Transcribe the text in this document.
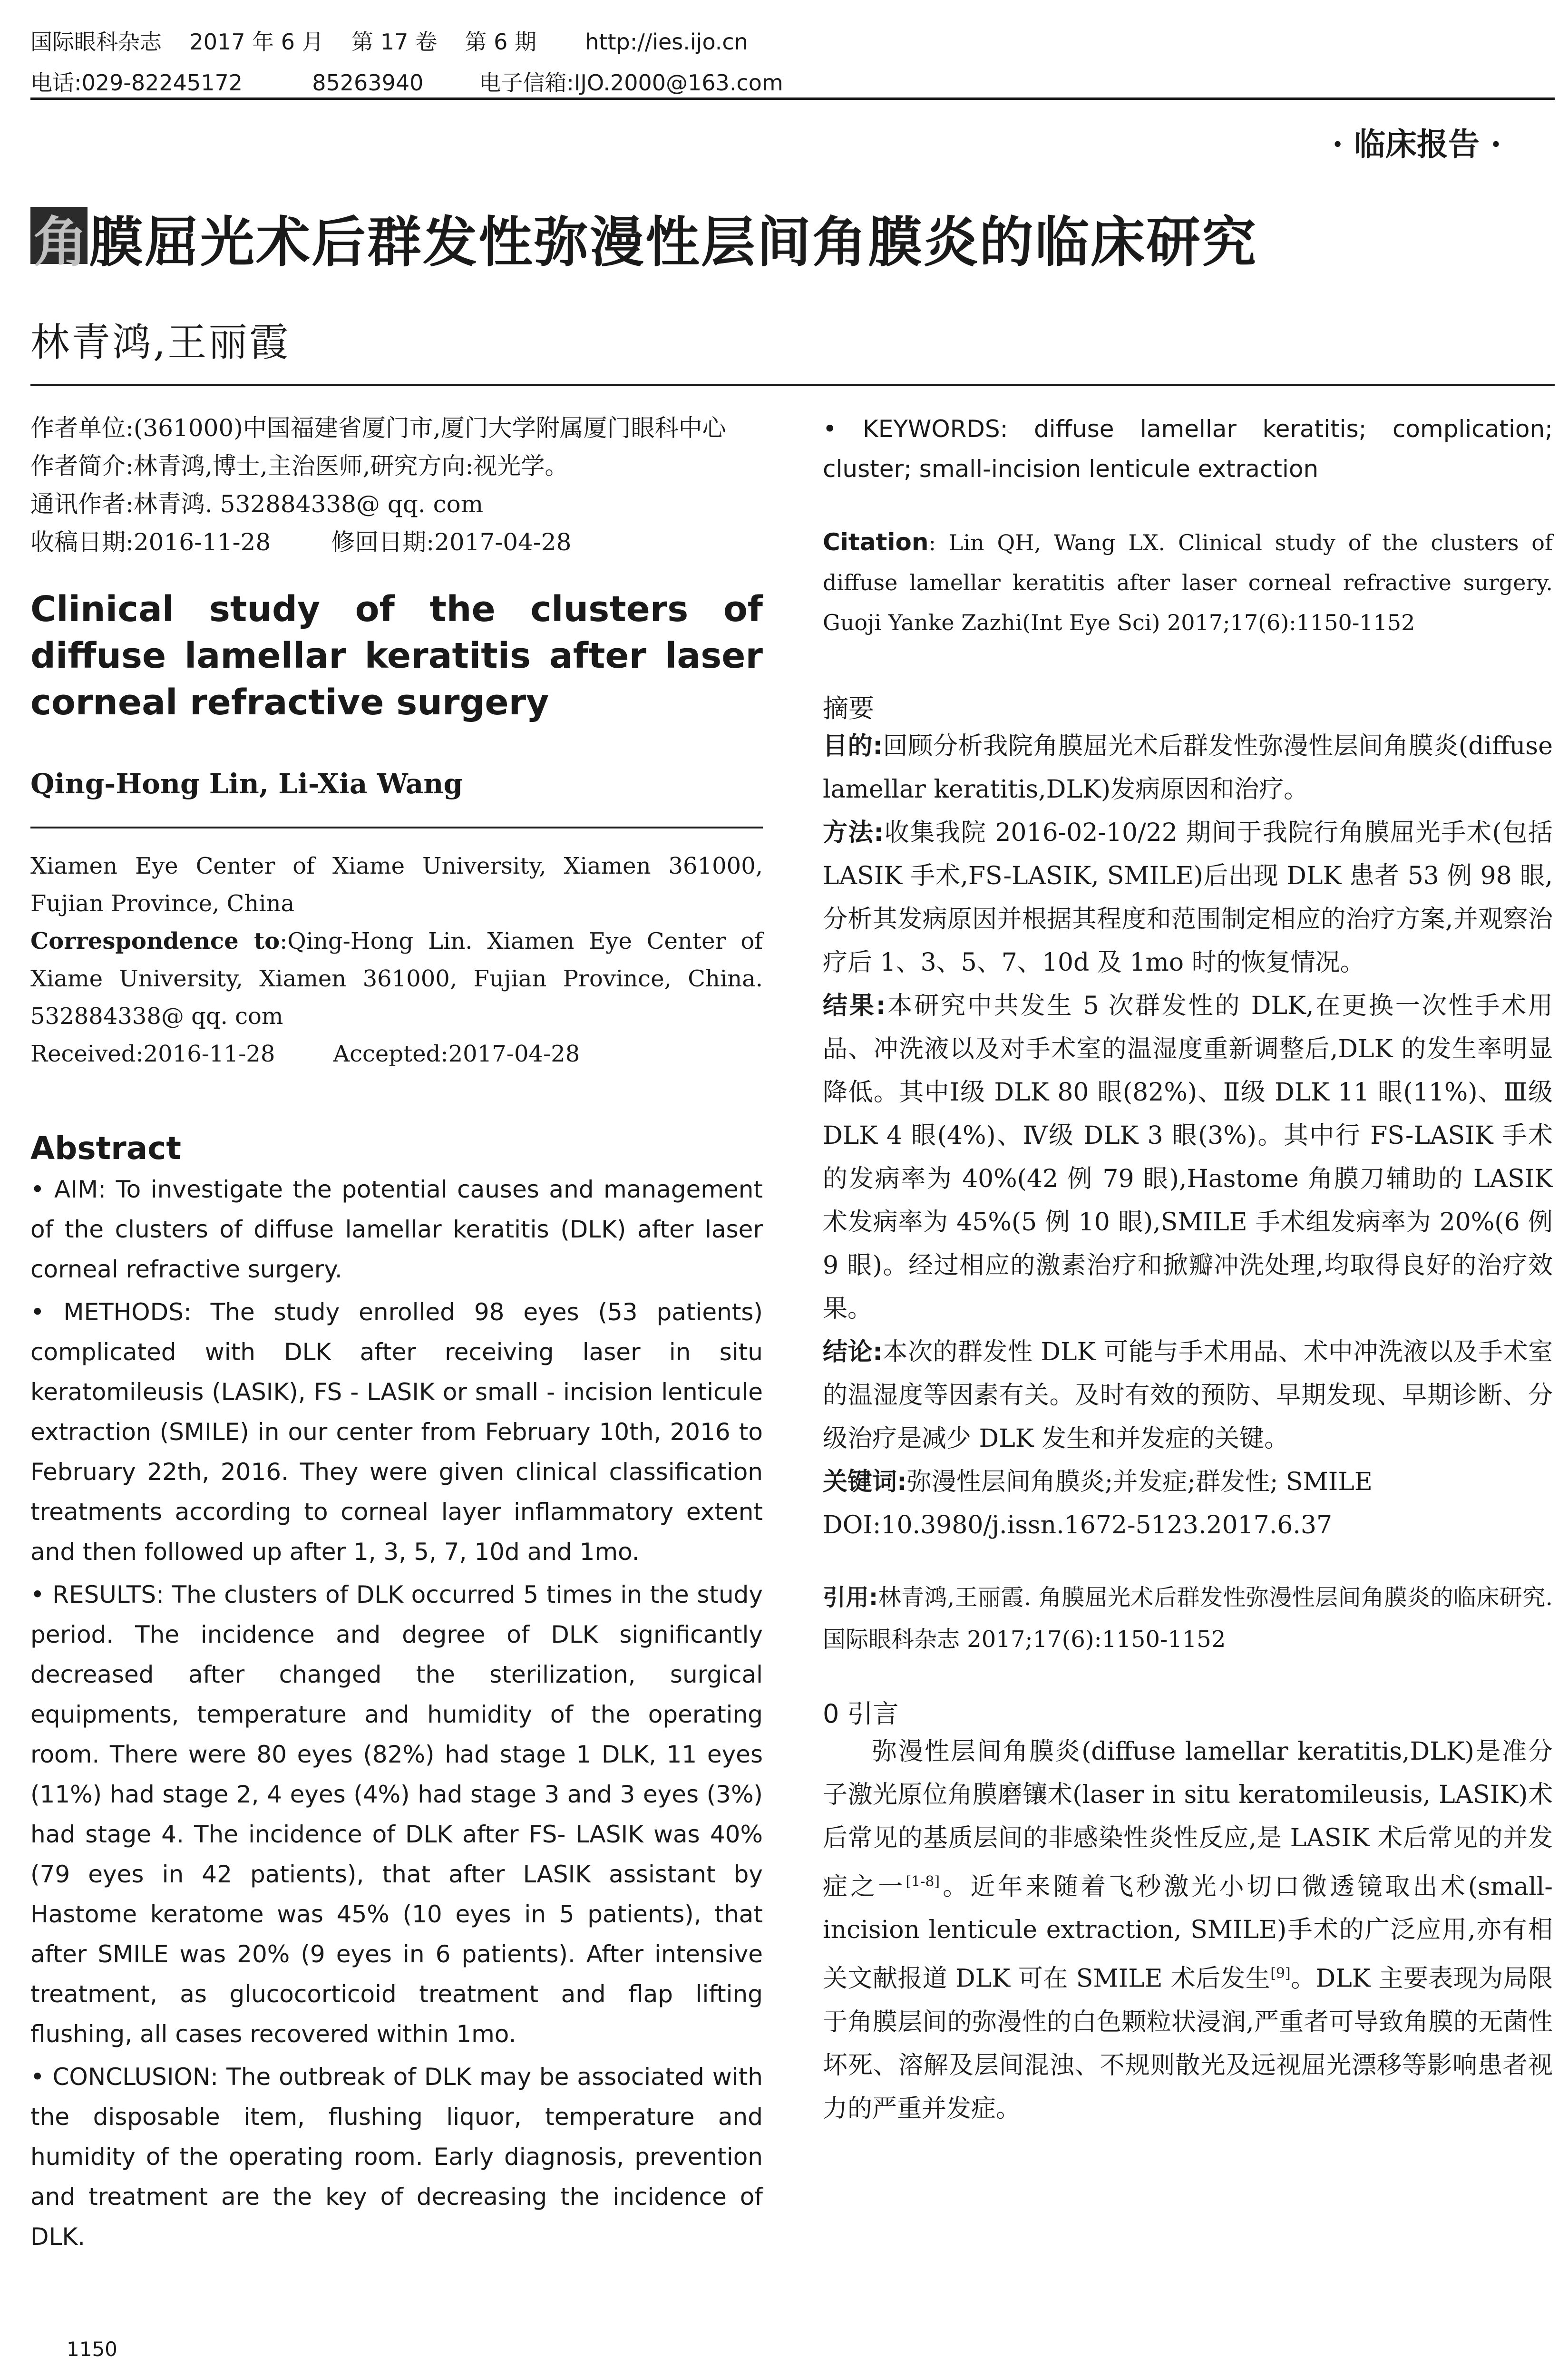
国际眼科杂志    2017 年 6 月    第 17 卷    第 6 期       http://ies.ijo.cn
电话:029-82245172          85263940        电子信箱:IJO.2000@163.com
· 临床报告 ·
角膜屈光术后群发性弥漫性层间角膜炎的临床研究
林青鸿,王丽霞
作者单位:(361000)中国福建省厦门市,厦门大学附属厦门眼科中心
作者简介:林青鸿,博士,主治医师,研究方向:视光学。
通讯作者:林青鸿. 532884338@ qq. com
收稿日期:2016-11-28        修回日期:2017-04-28
Clinical study of the clusters of diffuse lamellar keratitis after laser corneal refractive surgery
Qing-Hong Lin, Li-Xia Wang
Xiamen Eye Center of Xiame University, Xiamen 361000, Fujian Province, China
Correspondence to:Qing-Hong Lin. Xiamen Eye Center of Xiame University, Xiamen 361000, Fujian Province, China. 532884338@ qq. com
Received:2016-11-28        Accepted:2017-04-28
Abstract
• AIM: To investigate the potential causes and management of the clusters of diffuse lamellar keratitis (DLK) after laser corneal refractive surgery.
• METHODS: The study enrolled 98 eyes (53 patients) complicated with DLK after receiving laser in situ keratomileusis (LASIK), FS - LASIK or small - incision lenticule extraction (SMILE) in our center from February 10th, 2016 to February 22th, 2016. They were given clinical classification treatments according to corneal layer inflammatory extent and then followed up after 1, 3, 5, 7, 10d and 1mo.
• RESULTS: The clusters of DLK occurred 5 times in the study period. The incidence and degree of DLK significantly decreased after changed the sterilization, surgical equipments, temperature and humidity of the operating room. There were 80 eyes (82%) had stage 1 DLK, 11 eyes (11%) had stage 2, 4 eyes (4%) had stage 3 and 3 eyes (3%) had stage 4. The incidence of DLK after FS- LASIK was 40% (79 eyes in 42 patients), that after LASIK assistant by Hastome keratome was 45% (10 eyes in 5 patients), that after SMILE was 20% (9 eyes in 6 patients). After intensive treatment, as glucocorticoid treatment and flap lifting flushing, all cases recovered within 1mo.
• CONCLUSION: The outbreak of DLK may be associated with the disposable item, flushing liquor, temperature and humidity of the operating room. Early diagnosis, prevention and treatment are the key of decreasing the incidence of DLK.
• KEYWORDS: diffuse lamellar keratitis; complication; cluster; small-incision lenticule extraction
Citation: Lin QH, Wang LX. Clinical study of the clusters of diffuse lamellar keratitis after laser corneal refractive surgery. Guoji Yanke Zazhi(Int Eye Sci) 2017;17(6):1150-1152
摘要
目的:回顾分析我院角膜屈光术后群发性弥漫性层间角膜炎(diffuse lamellar keratitis,DLK)发病原因和治疗。
方法:收集我院 2016-02-10/22 期间于我院行角膜屈光手术(包括 LASIK 手术,FS-LASIK, SMILE)后出现 DLK 患者 53 例 98 眼,分析其发病原因并根据其程度和范围制定相应的治疗方案,并观察治疗后 1、3、5、7、10d 及 1mo 时的恢复情况。
结果:本研究中共发生 5 次群发性的 DLK,在更换一次性手术用品、冲洗液以及对手术室的温湿度重新调整后,DLK 的发生率明显降低。其中Ⅰ级 DLK 80 眼(82%)、Ⅱ级 DLK 11 眼(11%)、Ⅲ级 DLK 4 眼(4%)、Ⅳ级 DLK 3 眼(3%)。其中行 FS-LASIK 手术的发病率为 40%(42 例 79 眼),Hastome 角膜刀辅助的 LASIK 术发病率为 45%(5 例 10 眼),SMILE 手术组发病率为 20%(6 例 9 眼)。经过相应的激素治疗和掀瓣冲洗处理,均取得良好的治疗效果。
结论:本次的群发性 DLK 可能与手术用品、术中冲洗液以及手术室的温湿度等因素有关。及时有效的预防、早期发现、早期诊断、分级治疗是减少 DLK 发生和并发症的关键。
关键词:弥漫性层间角膜炎;并发症;群发性; SMILE
DOI:10.3980/j.issn.1672-5123.2017.6.37
引用:林青鸿,王丽霞. 角膜屈光术后群发性弥漫性层间角膜炎的临床研究. 国际眼科杂志 2017;17(6):1150-1152
0 引言
弥漫性层间角膜炎(diffuse lamellar keratitis,DLK)是准分子激光原位角膜磨镶术(laser in situ keratomileusis, LASIK)术后常见的基质层间的非感染性炎性反应,是 LASIK 术后常见的并发症之一[1-8]。近年来随着飞秒激光小切口微透镜取出术(small-incision lenticule extraction, SMILE)手术的广泛应用,亦有相关文献报道 DLK 可在 SMILE 术后发生[9]。DLK 主要表现为局限于角膜层间的弥漫性的白色颗粒状浸润,严重者可导致角膜的无菌性坏死、溶解及层间混浊、不规则散光及远视屈光漂移等影响患者视力的严重并发症。
1150
